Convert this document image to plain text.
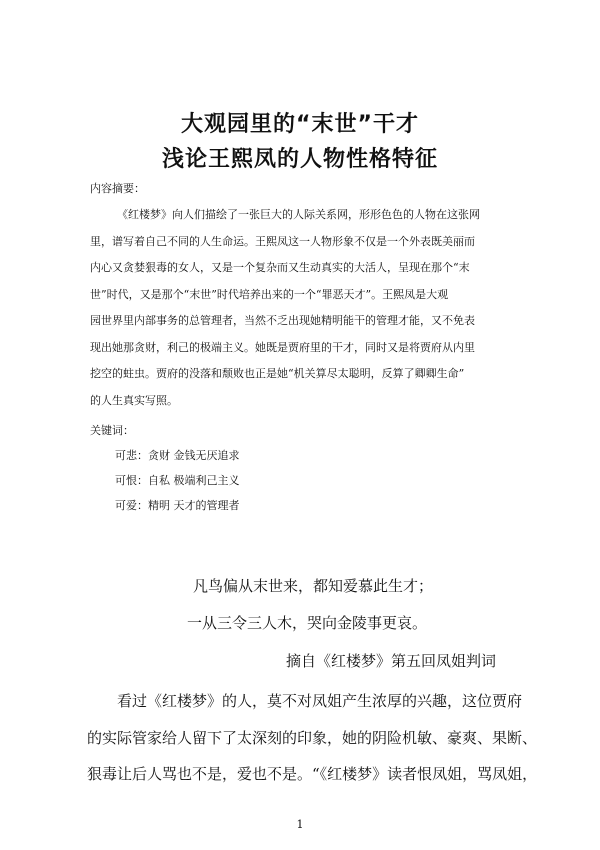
大观园里的“末世”干才
浅论王熙凤的人物性格特征
内容摘要：
《红楼梦》向人们描绘了一张巨大的人际关系网，形形色色的人物在这张网
里，谱写着自己不同的人生命运。王熙凤这一人物形象不仅是一个外表既美丽而
内心又贪婪狠毒的女人，又是一个复杂而又生动真实的大活人，呈现在那个“末
世”时代，又是那个“末世”时代培养出来的一个“罪恶天才”。王熙凤是大观
园世界里内部事务的总管理者，当然不乏出现她精明能干的管理才能，又不免表
现出她那贪财，利己的极端主义。她既是贾府里的干才，同时又是将贾府从内里
挖空的蛀虫。贾府的没落和颓败也正是她“机关算尽太聪明，反算了卿卿生命”
的人生真实写照。
关键词：
可悲：贪财 金钱无厌追求
可恨：自私 极端利己主义
可爱：精明 天才的管理者
凡鸟偏从末世来，都知爱慕此生才；
一从三令三人木，哭向金陵事更哀。
摘自《红楼梦》第五回凤姐判词
看过《红楼梦》的人，莫不对凤姐产生浓厚的兴趣，这位贾府
的实际管家给人留下了太深刻的印象，她的阴险机敏、豪爽、果断、
狠毒让后人骂也不是，爱也不是。“《红楼梦》读者恨凤姐，骂凤姐，
1
